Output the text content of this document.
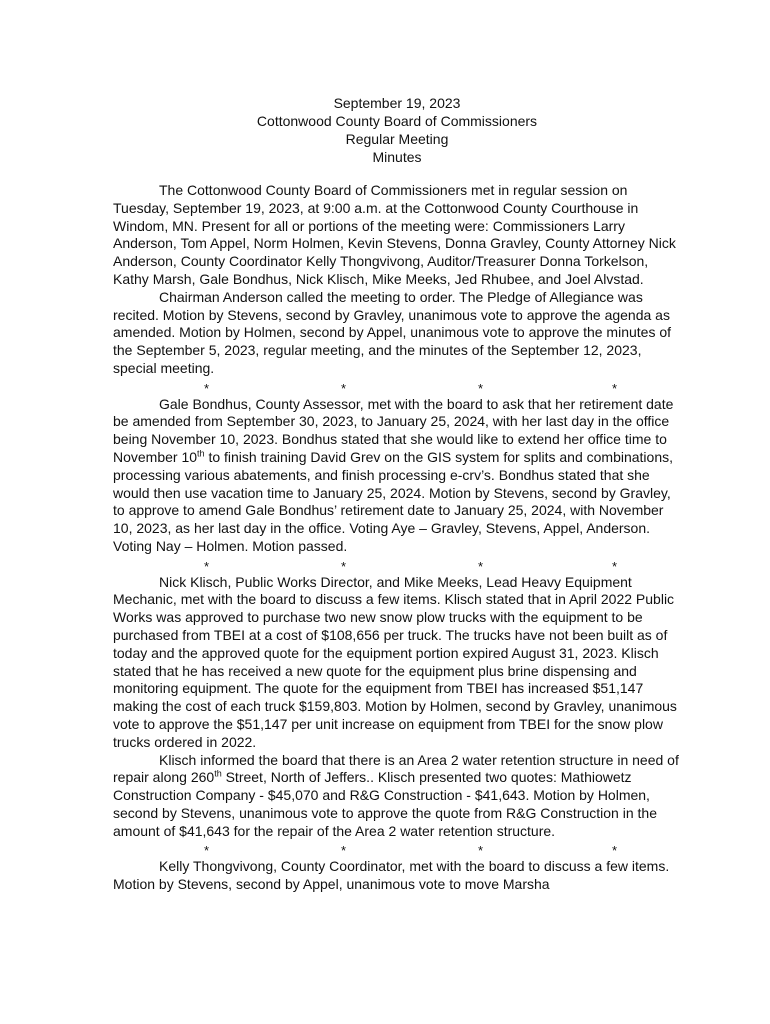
September 19, 2023
Cottonwood County Board of Commissioners
Regular Meeting
Minutes

The Cottonwood County Board of Commissioners met in regular session on Tuesday, September 19, 2023, at 9:00 a.m. at the Cottonwood County Courthouse in Windom, MN. Present for all or portions of the meeting were: Commissioners Larry Anderson, Tom Appel, Norm Holmen, Kevin Stevens, Donna Gravley, County Attorney Nick Anderson, County Coordinator Kelly Thongvivong, Auditor/Treasurer Donna Torkelson, Kathy Marsh, Gale Bondhus, Nick Klisch, Mike Meeks, Jed Rhubee, and Joel Alvstad.

Chairman Anderson called the meeting to order. The Pledge of Allegiance was recited. Motion by Stevens, second by Gravley, unanimous vote to approve the agenda as amended. Motion by Holmen, second by Appel, unanimous vote to approve the minutes of the September 5, 2023, regular meeting, and the minutes of the September 12, 2023, special meeting.

*	*	*	*

Gale Bondhus, County Assessor, met with the board to ask that her retirement date be amended from September 30, 2023, to January 25, 2024, with her last day in the office being November 10, 2023. Bondhus stated that she would like to extend her office time to November 10th to finish training David Grev on the GIS system for splits and combinations, processing various abatements, and finish processing e-crv’s. Bondhus stated that she would then use vacation time to January 25, 2024. Motion by Stevens, second by Gravley, to approve to amend Gale Bondhus’ retirement date to January 25, 2024, with November 10, 2023, as her last day in the office. Voting Aye – Gravley, Stevens, Appel, Anderson. Voting Nay – Holmen. Motion passed.

*	*	*	*

Nick Klisch, Public Works Director, and Mike Meeks, Lead Heavy Equipment Mechanic, met with the board to discuss a few items. Klisch stated that in April 2022 Public Works was approved to purchase two new snow plow trucks with the equipment to be purchased from TBEI at a cost of $108,656 per truck. The trucks have not been built as of today and the approved quote for the equipment portion expired August 31, 2023. Klisch stated that he has received a new quote for the equipment plus brine dispensing and monitoring equipment. The quote for the equipment from TBEI has increased $51,147 making the cost of each truck $159,803. Motion by Holmen, second by Gravley, unanimous vote to approve the $51,147 per unit increase on equipment from TBEI for the snow plow trucks ordered in 2022.

Klisch informed the board that there is an Area 2 water retention structure in need of repair along 260th Street, North of Jeffers.. Klisch presented two quotes: Mathiowetz Construction Company - $45,070 and R&G Construction - $41,643. Motion by Holmen, second by Stevens, unanimous vote to approve the quote from R&G Construction in the amount of $41,643 for the repair of the Area 2 water retention structure.

*	*	*	*

Kelly Thongvivong, County Coordinator, met with the board to discuss a few items. Motion by Stevens, second by Appel, unanimous vote to move Marsha
